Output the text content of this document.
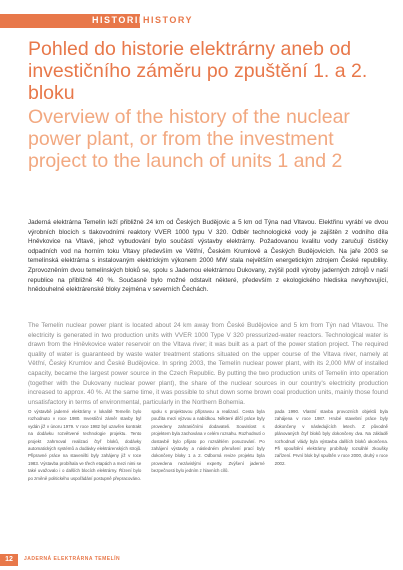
HISTORIE
HISTORY
Pohled do historie elektrárny aneb od investičního záměru po zpuštění 1. a 2. bloku
Overview of the history of the nuclear power plant, or from the investment project to the launch of units 1 and 2

Jaderná elektrárna Temelín leží přibližně 24 km od Českých Budějovic a 5 km od Týna nad Vltavou. Elektřinu vyrábí ve dvou výrobních blocích s tlakovodními reaktory VVER 1000 typu V 320. Odběr technologické vody je zajištěn z vodního díla Hněvkovice na Vltavě, jehož vybudování bylo součástí výstavby elektrárny. Požadovanou kvalitu vody zaručují čističky odpadních vod na horním toku Vltavy především ve Větřní, Českém Krumlově a Českých Budějovicích. Na jaře 2003 se temelínská elektrárna s instalovaným elektrickým výkonem 2000 MW stala největším energetickým zdrojem České republiky. Zprovozněním dvou temelínských bloků se, spolu s Jadernou elektrárnou Dukovany, zvýšil podíl výroby jaderných zdrojů v naší republice na přibližně 40 %. Současně bylo možné odstavit některé, především z ekologického hlediska nevyhovující, hnědouhelné elektrárenské bloky zejména v severních Čechách.

The Temelín nuclear power plant is located about 24 km away from České Budějovice and 5 km from Týn nad Vltavou. The electricity is generated in two production units with VVER 1000 Type V 320 pressurized-water reactors. Technological water is drawn from the Hněvkovice water reservoir on the Vltava river; it was built as a part of the power station project. The required quality of water is guaranteed by waste water treatment stations situated on the upper course of the Vltava river, namely at Větřní, Český Krumlov and České Budějovice. In spring 2003, the Temelín nuclear power plant, with its 2,000 MW of installed capacity, became the largest power source in the Czech Republic. By putting the two production units of Temelín into operation (together with the Dukovany nuclear power plant), the share of the nuclear sources in our country's electricity production increased to approx. 40 %. At the same time, it was possible to shut down some brown coal production units, mainly those found unsatisfactory in terms of environmental, particularly in the Northern Bohemia.

O výstavbě jaderné elektrárny v lokalitě Temelín bylo rozhodnuto v roce 1980. Investiční záměr stavby byl vydán již v únoru 1979. V roce 1982 byl uzavřen kontrakt na dodávku rozvětvené technologie projektu. Tento projekt zahrnoval realizaci čtyř bloků, dodávky automatických systémů a dodávky elektrárenských strojů. Připravné práce na staveništi byly zahájeny již v roce 1983. Výstavba probíhala ve třech etapách a mezi nimi se také uvažovalo i o dalších blocích elektrárny. Řízení bylo po změně politického uspořádání postupně přepracováno.

spolu s projektovou přípravou a realizací. Cesta byla použita mezi výzvou a nabídkou. Některé dílčí práce byly provedeny zahraničními dodavateli. Souvislost s projektem byla zachována v celém rozsahu. Rozhodnutí o dostavbě bylo přijato po rozsáhlém posuzování. Po zahájení výstavby a následném přerušení prací byly dokončeny bloky 1 a 2. Odborná revize projektu byla provedena nezávislými experty. Zvýšení jaderné bezpečnosti bylo jedním z hlavních cílů.

pada 1990. Vlastní stavba provozních objektů byla zahájena v roce 1987. Hrubé stavební práce byly dokončeny v následujících letech. Z původně plánovaných čtyř bloků byly dokončeny dva. Na základě rozhodnutí vlády byla výstavba dalších bloků ukončena. Při spouštění elektrárny probíhaly rozsáhlé zkoušky zařízení. První blok byl spuštěn v roce 2000, druhý v roce 2002.

12	JADERNÁ ELEKTRÁRNA TEMELÍN
